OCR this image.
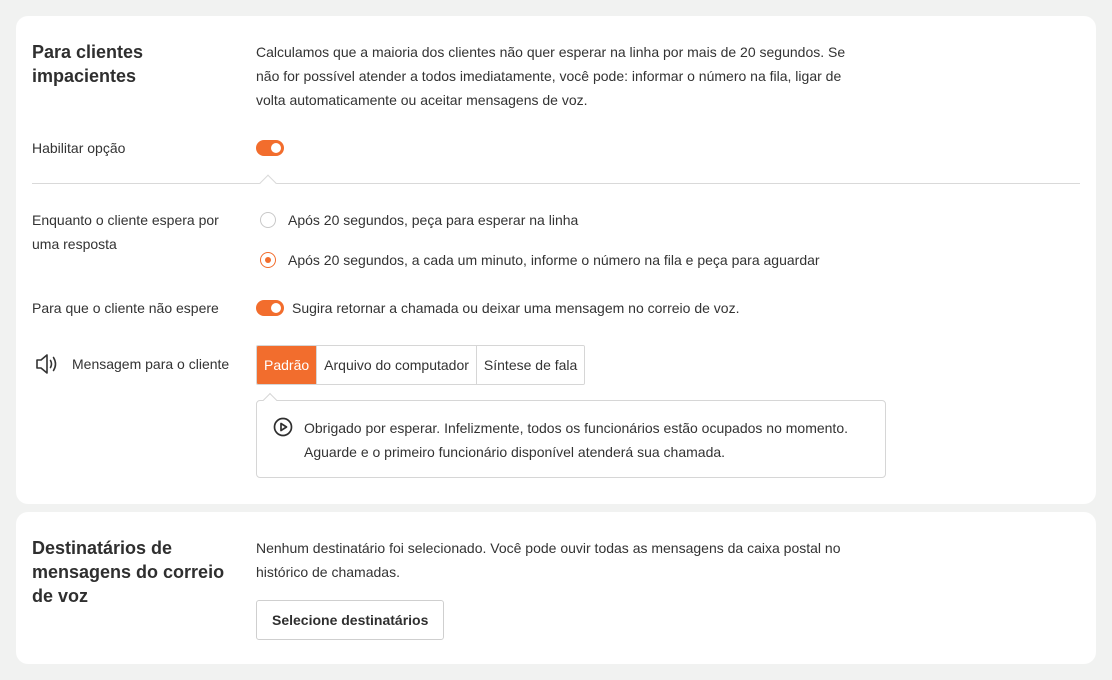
Para clientes impacientes
Calculamos que a maioria dos clientes não quer esperar na linha por mais de 20 segundos. Se não for possível atender a todos imediatamente, você pode: informar o número na fila, ligar de volta automaticamente ou aceitar mensagens de voz.
Habilitar opção
Enquanto o cliente espera por uma resposta
Após 20 segundos, peça para esperar na linha
Após 20 segundos, a cada um minuto, informe o número na fila e peça para aguardar
Para que o cliente não espere	Sugira retornar a chamada ou deixar uma mensagem no correio de voz.
Mensagem para o cliente	Padrão	Arquivo do computador	Síntese de fala
Obrigado por esperar. Infelizmente, todos os funcionários estão ocupados no momento. Aguarde e o primeiro funcionário disponível atenderá sua chamada.
Destinatários de mensagens do correio de voz
Nenhum destinatário foi selecionado. Você pode ouvir todas as mensagens da caixa postal no histórico de chamadas.
Selecione destinatários
